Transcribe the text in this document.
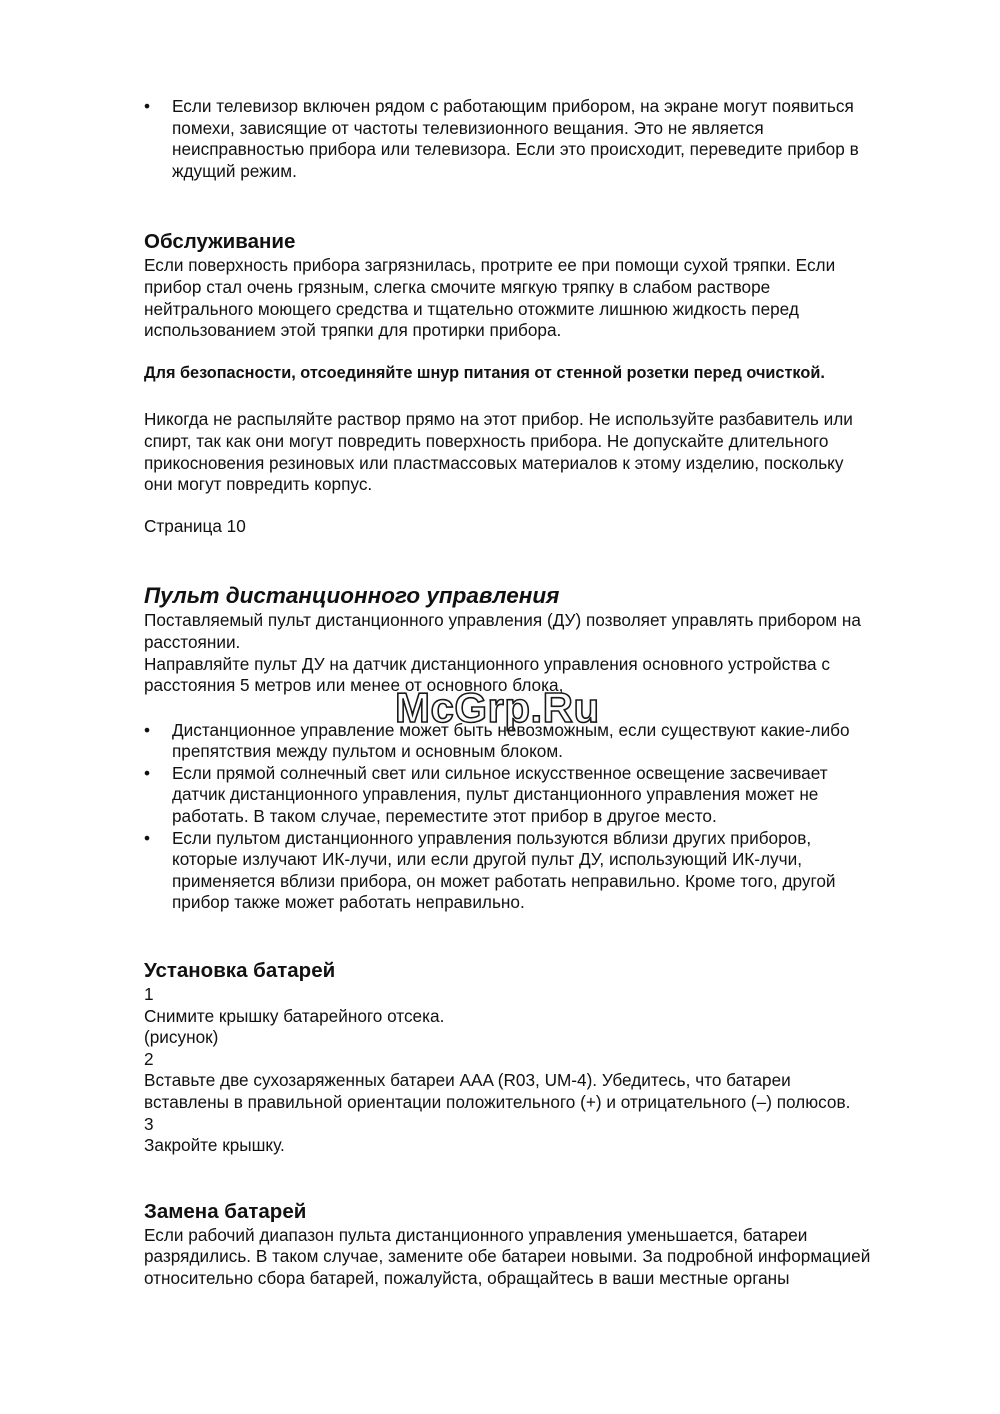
•	Если телевизор включен рядом с работающим прибором, на экране могут появиться
помехи, зависящие от частоты телевизионного вещания. Это не является
неисправностью прибора или телевизора. Если это происходит, переведите прибор в
ждущий режим.
Обслуживание

Если поверхность прибора загрязнилась, протрите ее при помощи сухой тряпки. Если
прибор стал очень грязным, слегка смочите мягкую тряпку в слабом растворе
нейтрального моющего средства и тщательно отожмите лишнюю жидкость перед
использованием этой тряпки для протирки прибора.

Для безопасности, отсоединяйте шнур питания от стенной розетки перед очисткой.

Никогда не распыляйте раствор прямо на этот прибор. Не используйте разбавитель или
спирт, так как они могут повредить поверхность прибора. Не допускайте длительного
прикосновения резиновых или пластмассовых материалов к этому изделию, поскольку
они могут повредить корпус.

Страница 10

Пульт дистанционного управления

Поставляемый пульт дистанционного управления (ДУ) позволяет управлять прибором на
расстоянии.
Направляйте пульт ДУ на датчик дистанционного управления основного устройства с
расстояния 5 метров или менее от основного блока,

•	Дистанционное управление может быть невозможным, если существуют какие-либо
препятствия между пультом и основным блоком.
•	Если прямой солнечный свет или сильное искусственное освещение засвечивает
датчик дистанционного управления, пульт дистанционного управления может не
работать. В таком случае, переместите этот прибор в другое место.
•	Если пультом дистанционного управления пользуются вблизи других приборов,
которые излучают ИК-лучи, или если другой пульт ДУ, использующий ИК-лучи,
применяется вблизи прибора, он может работать неправильно. Кроме того, другой
прибор также может работать неправильно.
Установка батарей
1
Снимите крышку батарейного отсека.
(рисунок)
2
Вставьте две сухозаряженных батареи AAA (R03, UM-4). Убедитесь, что батареи
вставлены в правильной ориентации положительного (+) и отрицательного (–) полюсов.
3
Закройте крышку.
Замена батарей

Если рабочий диапазон пульта дистанционного управления уменьшается, батареи
разрядились. В таком случае, замените обе батареи новыми. За подробной информацией
относительно сбора батарей, пожалуйста, обращайтесь в ваши местные органы

McGrp.Ru
